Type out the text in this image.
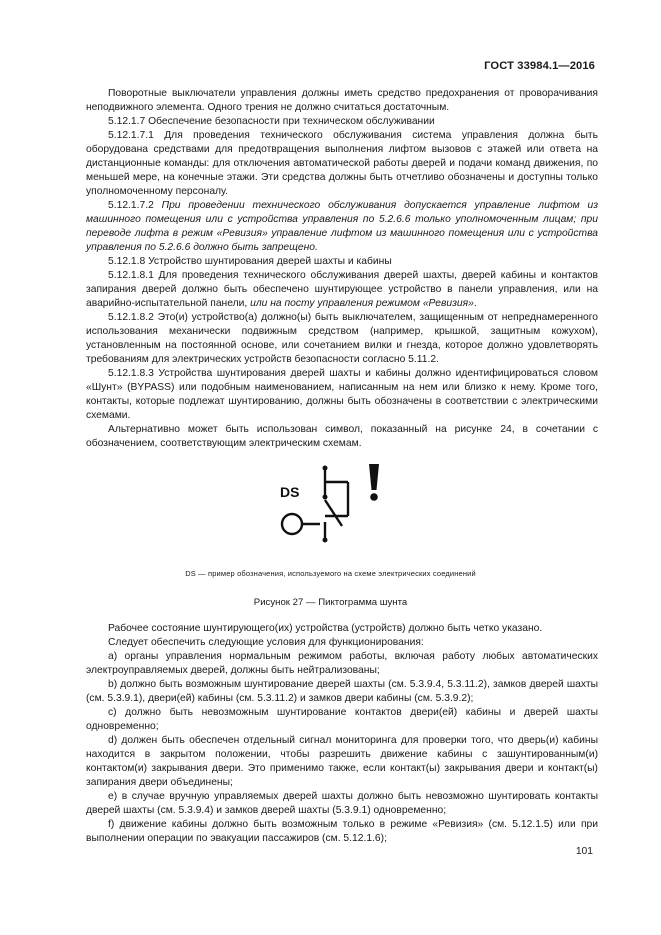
ГОСТ 33984.1—2016

Поворотные выключатели управления должны иметь средство предохранения от проворачивания неподвижного элемента. Одного трения не должно считаться достаточным.

5.12.1.7 Обеспечение безопасности при техническом обслуживании

5.12.1.7.1 Для проведения технического обслуживания система управления должна быть оборудована средствами для предотвращения выполнения лифтом вызовов с этажей или ответа на дистанционные команды: для отключения автоматической работы дверей и подачи команд движения, по меньшей мере, на конечные этажи. Эти средства должны быть отчетливо обозначены и доступны только уполномоченному персоналу.

5.12.1.7.2 При проведении технического обслуживания допускается управление лифтом из машинного помещения или с устройства управления по 5.2.6.6 только уполномоченным лицам; при переводе лифта в режим «Ревизия» управление лифтом из машинного помещения или с устройства управления по 5.2.6.6 должно быть запрещено.

5.12.1.8 Устройство шунтирования дверей шахты и кабины

5.12.1.8.1 Для проведения технического обслуживания дверей шахты, дверей кабины и контактов запирания дверей должно быть обеспечено шунтирующее устройство в панели управления, или на аварийно-испытательной панели, или на посту управления режимом «Ревизия».

5.12.1.8.2 Это(и) устройство(а) должно(ы) быть выключателем, защищенным от непреднамеренного использования механически подвижным средством (например, крышкой, защитным кожухом), установленным на постоянной основе, или сочетанием вилки и гнезда, которое должно удовлетворять требованиям для электрических устройств безопасности согласно 5.11.2.

5.12.1.8.3 Устройства шунтирования дверей шахты и кабины должно идентифицироваться словом «Шунт» (BYPASS) или подобным наименованием, написанным на нем или близко к нему. Кроме того, контакты, которые подлежат шунтированию, должны быть обозначены в соответствии с электрическими схемами.

Альтернативно может быть использован символ, показанный на рисунке 24, в сочетании с обозначением, соответствующим электрическим схемам.

DS
DS — пример обозначения, используемого на схеме электрических соединений
Рисунок 27 — Пиктограмма шунта

Рабочее состояние шунтирующего(их) устройства (устройств) должно быть четко указано.

Следует обеспечить следующие условия для функционирования:

a) органы управления нормальным режимом работы, включая работу любых автоматических электроуправляемых дверей, должны быть нейтрализованы;

b) должно быть возможным шунтирование дверей шахты (см. 5.3.9.4, 5.3.11.2), замков дверей шахты (см. 5.3.9.1), двери(ей) кабины (см. 5.3.11.2) и замков двери кабины (см. 5.3.9.2);

c) должно быть невозможным шунтирование контактов двери(ей) кабины и дверей шахты одновременно;

d) должен быть обеспечен отдельный сигнал мониторинга для проверки того, что дверь(и) кабины находится в закрытом положении, чтобы разрешить движение кабины с зашунтированным(и) контактом(и) закрывания двери. Это применимо также, если контакт(ы) закрывания двери и контакт(ы) запирания двери объединены;

e) в случае вручную управляемых дверей шахты должно быть невозможно шунтировать контакты дверей шахты (см. 5.3.9.4) и замков дверей шахты (5.3.9.1) одновременно;

f) движение кабины должно быть возможным только в режиме «Ревизия» (см. 5.12.1.5) или при выполнении операции по эвакуации пассажиров (см. 5.12.1.6);

101
